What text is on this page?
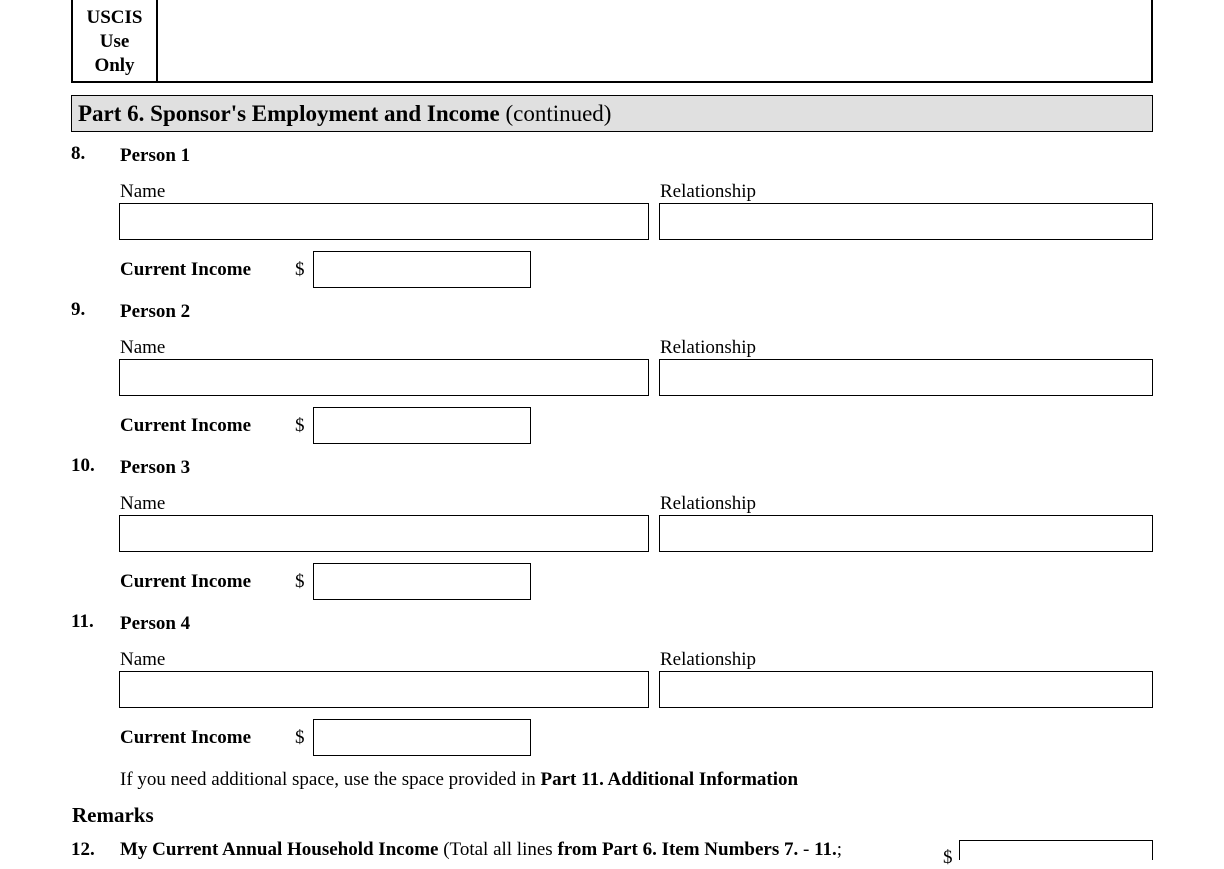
USCIS
Use
Only
Part 6. Sponsor's Employment and Income (continued)
8. Person 1
Name	Relationship
Current Income $
9. Person 2
Name	Relationship
Current Income $
10. Person 3
Name	Relationship
Current Income $
11. Person 4
Name	Relationship
Current Income $
If you need additional space, use the space provided in Part 11. Additional Information
Remarks
12. My Current Annual Household Income (Total all lines from Part 6. Item Numbers 7. - 11.;	$
